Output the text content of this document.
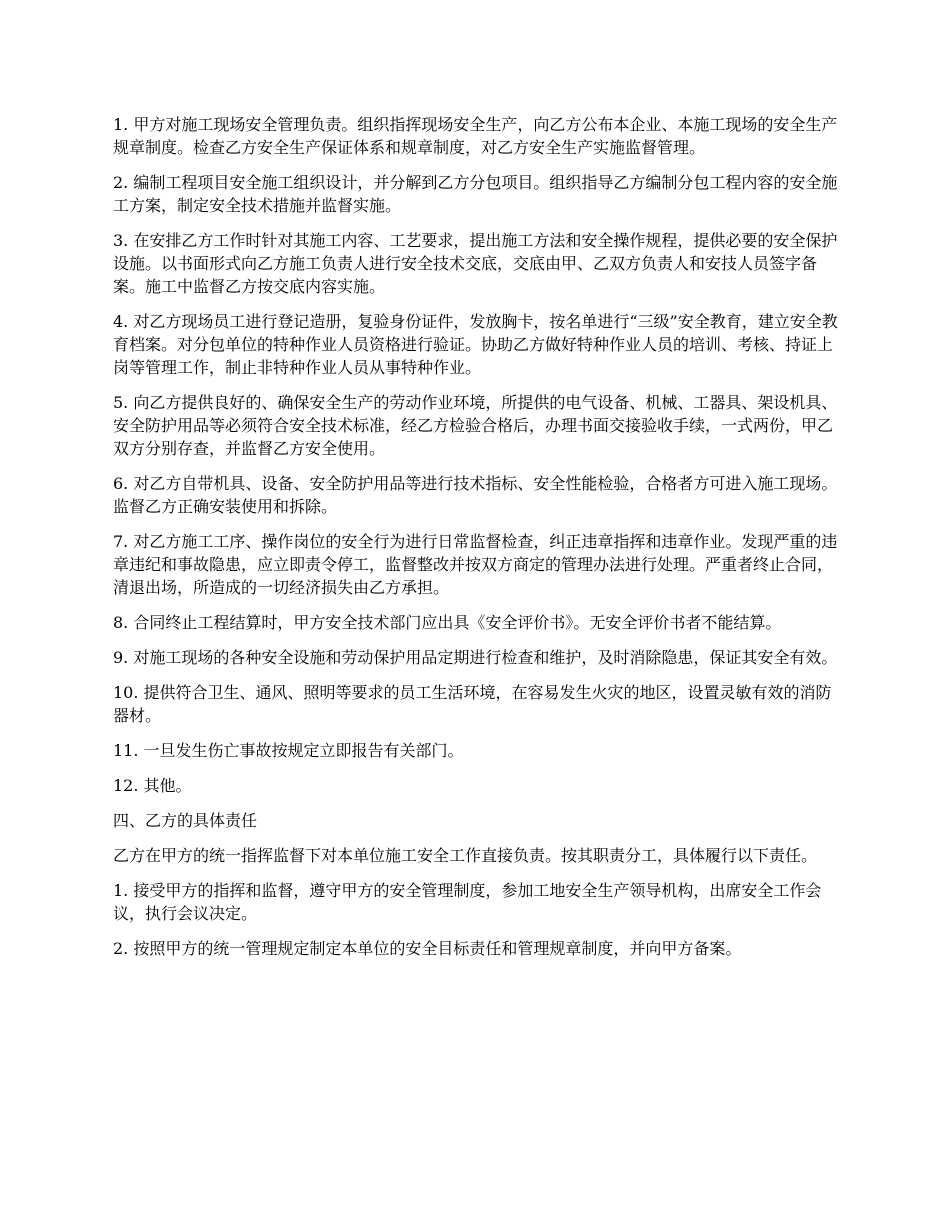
1. 甲方对施工现场安全管理负责。组织指挥现场安全生产，向乙方公布本企业、本施工现场的安全生产规章制度。检查乙方安全生产保证体系和规章制度，对乙方安全生产实施监督管理。

2. 编制工程项目安全施工组织设计，并分解到乙方分包项目。组织指导乙方编制分包工程内容的安全施工方案，制定安全技术措施并监督实施。

3. 在安排乙方工作时针对其施工内容、工艺要求，提出施工方法和安全操作规程，提供必要的安全保护设施。以书面形式向乙方施工负责人进行安全技术交底，交底由甲、乙双方负责人和安技人员签字备案。施工中监督乙方按交底内容实施。

4. 对乙方现场员工进行登记造册，复验身份证件，发放胸卡，按名单进行“三级”安全教育，建立安全教育档案。对分包单位的特种作业人员资格进行验证。协助乙方做好特种作业人员的培训、考核、持证上岗等管理工作，制止非特种作业人员从事特种作业。

5. 向乙方提供良好的、确保安全生产的劳动作业环境，所提供的电气设备、机械、工器具、架设机具、安全防护用品等必须符合安全技术标准，经乙方检验合格后，办理书面交接验收手续，一式两份，甲乙双方分别存查，并监督乙方安全使用。

6. 对乙方自带机具、设备、安全防护用品等进行技术指标、安全性能检验，合格者方可进入施工现场。监督乙方正确安装使用和拆除。

7. 对乙方施工工序、操作岗位的安全行为进行日常监督检查，纠正违章指挥和违章作业。发现严重的违章违纪和事故隐患，应立即责令停工，监督整改并按双方商定的管理办法进行处理。严重者终止合同，清退出场，所造成的一切经济损失由乙方承担。

8. 合同终止工程结算时，甲方安全技术部门应出具《安全评价书》。无安全评价书者不能结算。

9. 对施工现场的各种安全设施和劳动保护用品定期进行检查和维护，及时消除隐患，保证其安全有效。

10. 提供符合卫生、通风、照明等要求的员工生活环境，在容易发生火灾的地区，设置灵敏有效的消防器材。

11. 一旦发生伤亡事故按规定立即报告有关部门。

12. 其他。

四、乙方的具体责任

乙方在甲方的统一指挥监督下对本单位施工安全工作直接负责。按其职责分工，具体履行以下责任。

1. 接受甲方的指挥和监督，遵守甲方的安全管理制度，参加工地安全生产领导机构，出席安全工作会议，执行会议决定。

2. 按照甲方的统一管理规定制定本单位的安全目标责任和管理规章制度，并向甲方备案。
